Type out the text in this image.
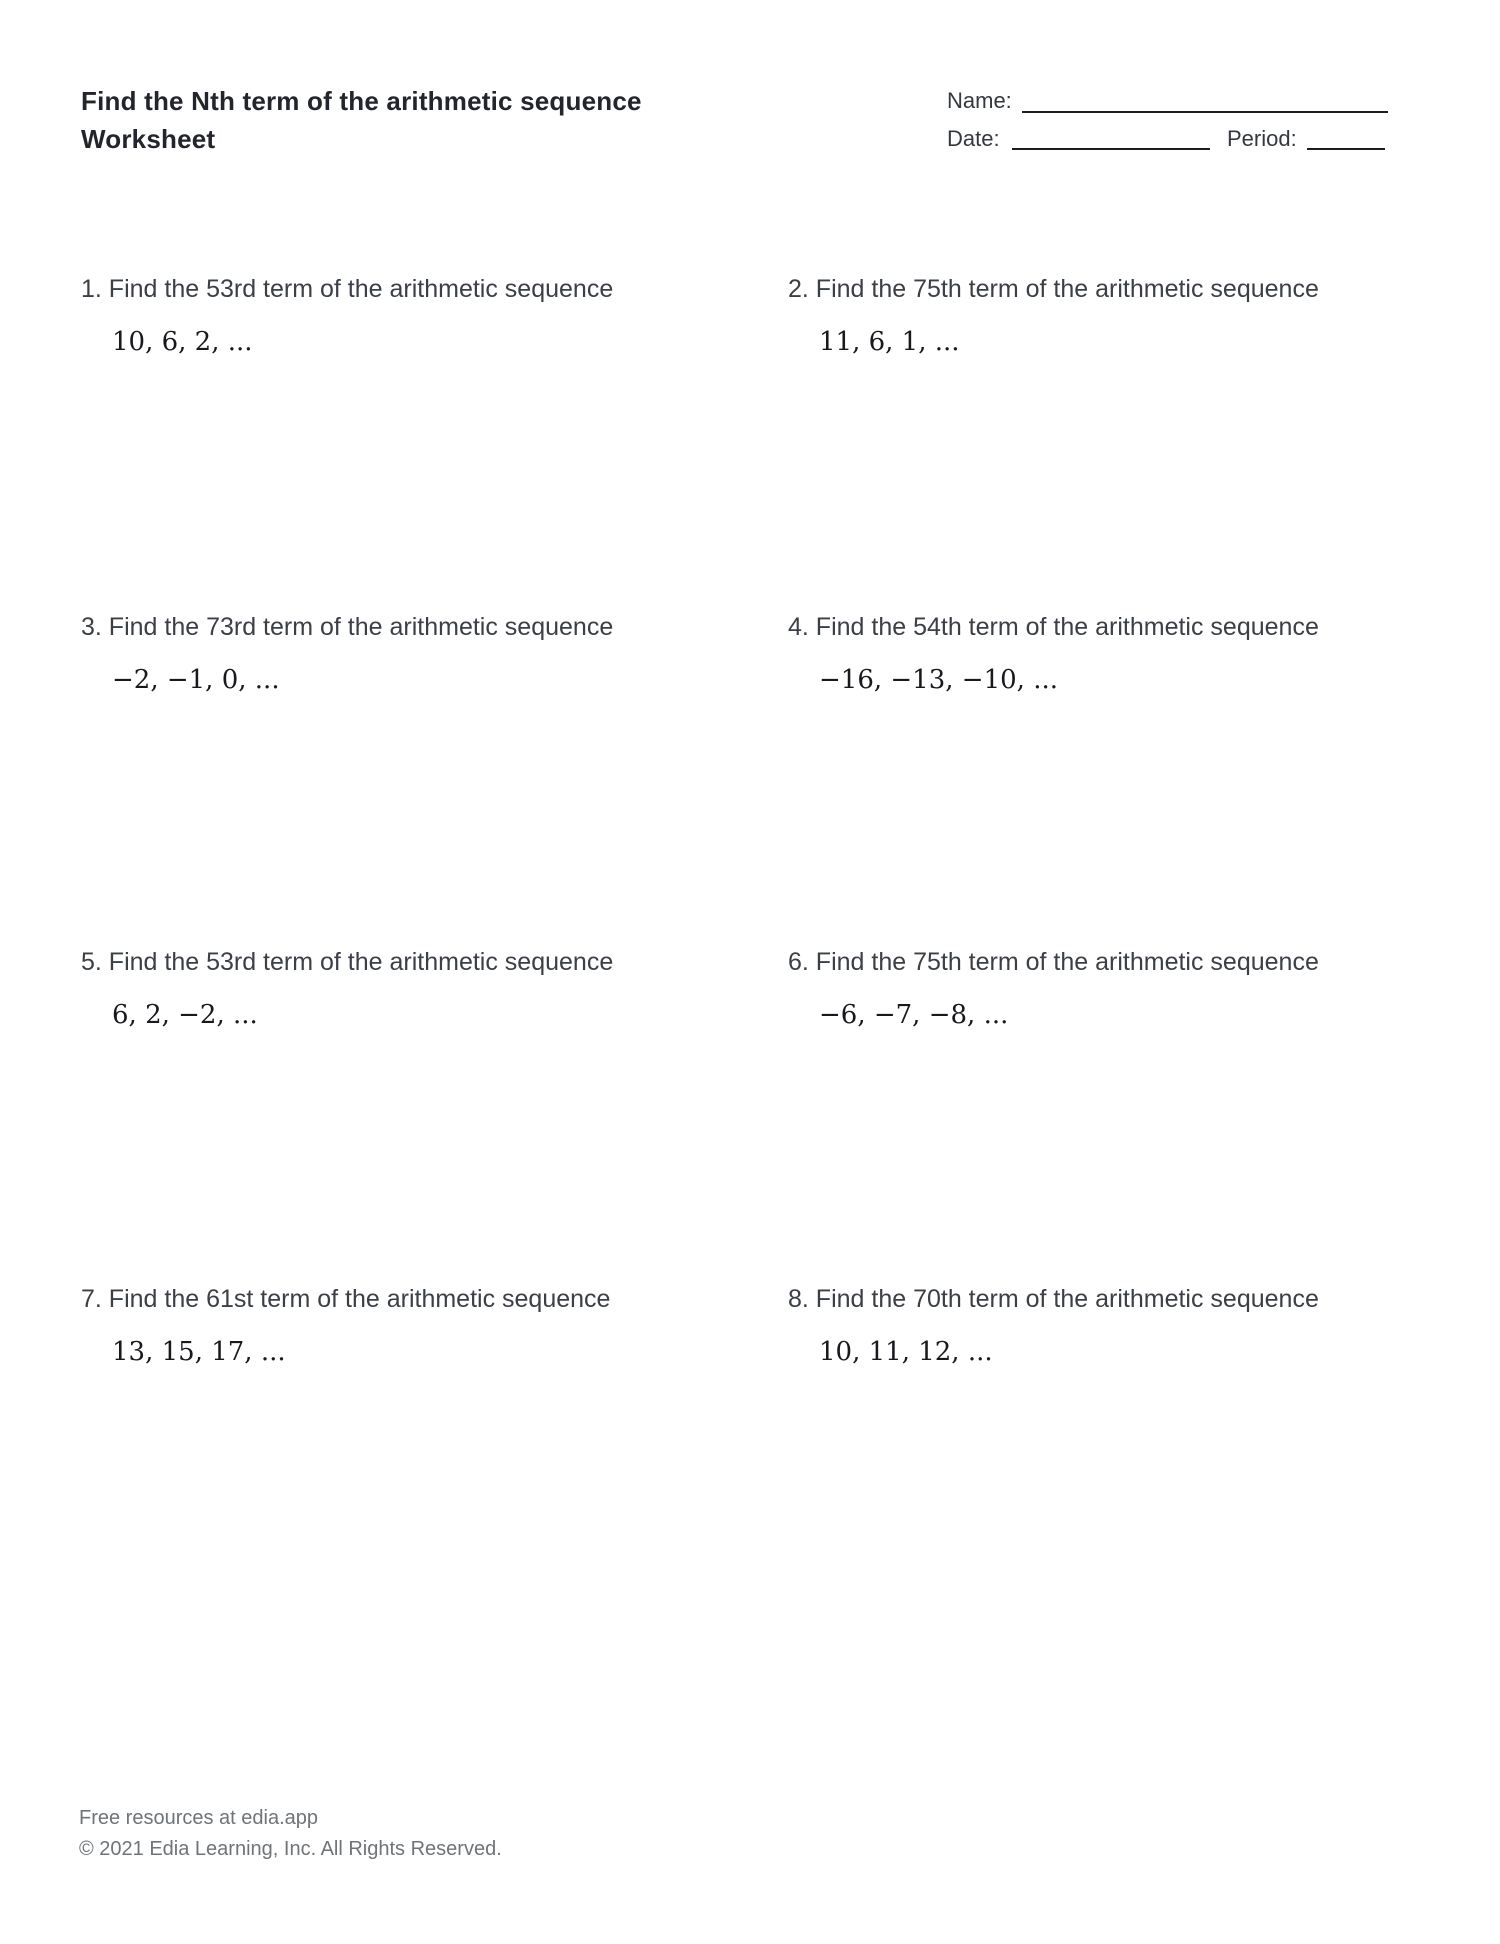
Find the Nth term of the arithmetic sequence
Worksheet
Name:
Date:	Period:
1. Find the 53rd term of the arithmetic sequence
10, 6, 2, ...
2. Find the 75th term of the arithmetic sequence
11, 6, 1, ...
3. Find the 73rd term of the arithmetic sequence
−2, −1, 0, ...
4. Find the 54th term of the arithmetic sequence
−16, −13, −10, ...
5. Find the 53rd term of the arithmetic sequence
6, 2, −2, ...
6. Find the 75th term of the arithmetic sequence
−6, −7, −8, ...
7. Find the 61st term of the arithmetic sequence
13, 15, 17, ...
8. Find the 70th term of the arithmetic sequence
10, 11, 12, ...
Free resources at edia.app
© 2021 Edia Learning, Inc. All Rights Reserved.
